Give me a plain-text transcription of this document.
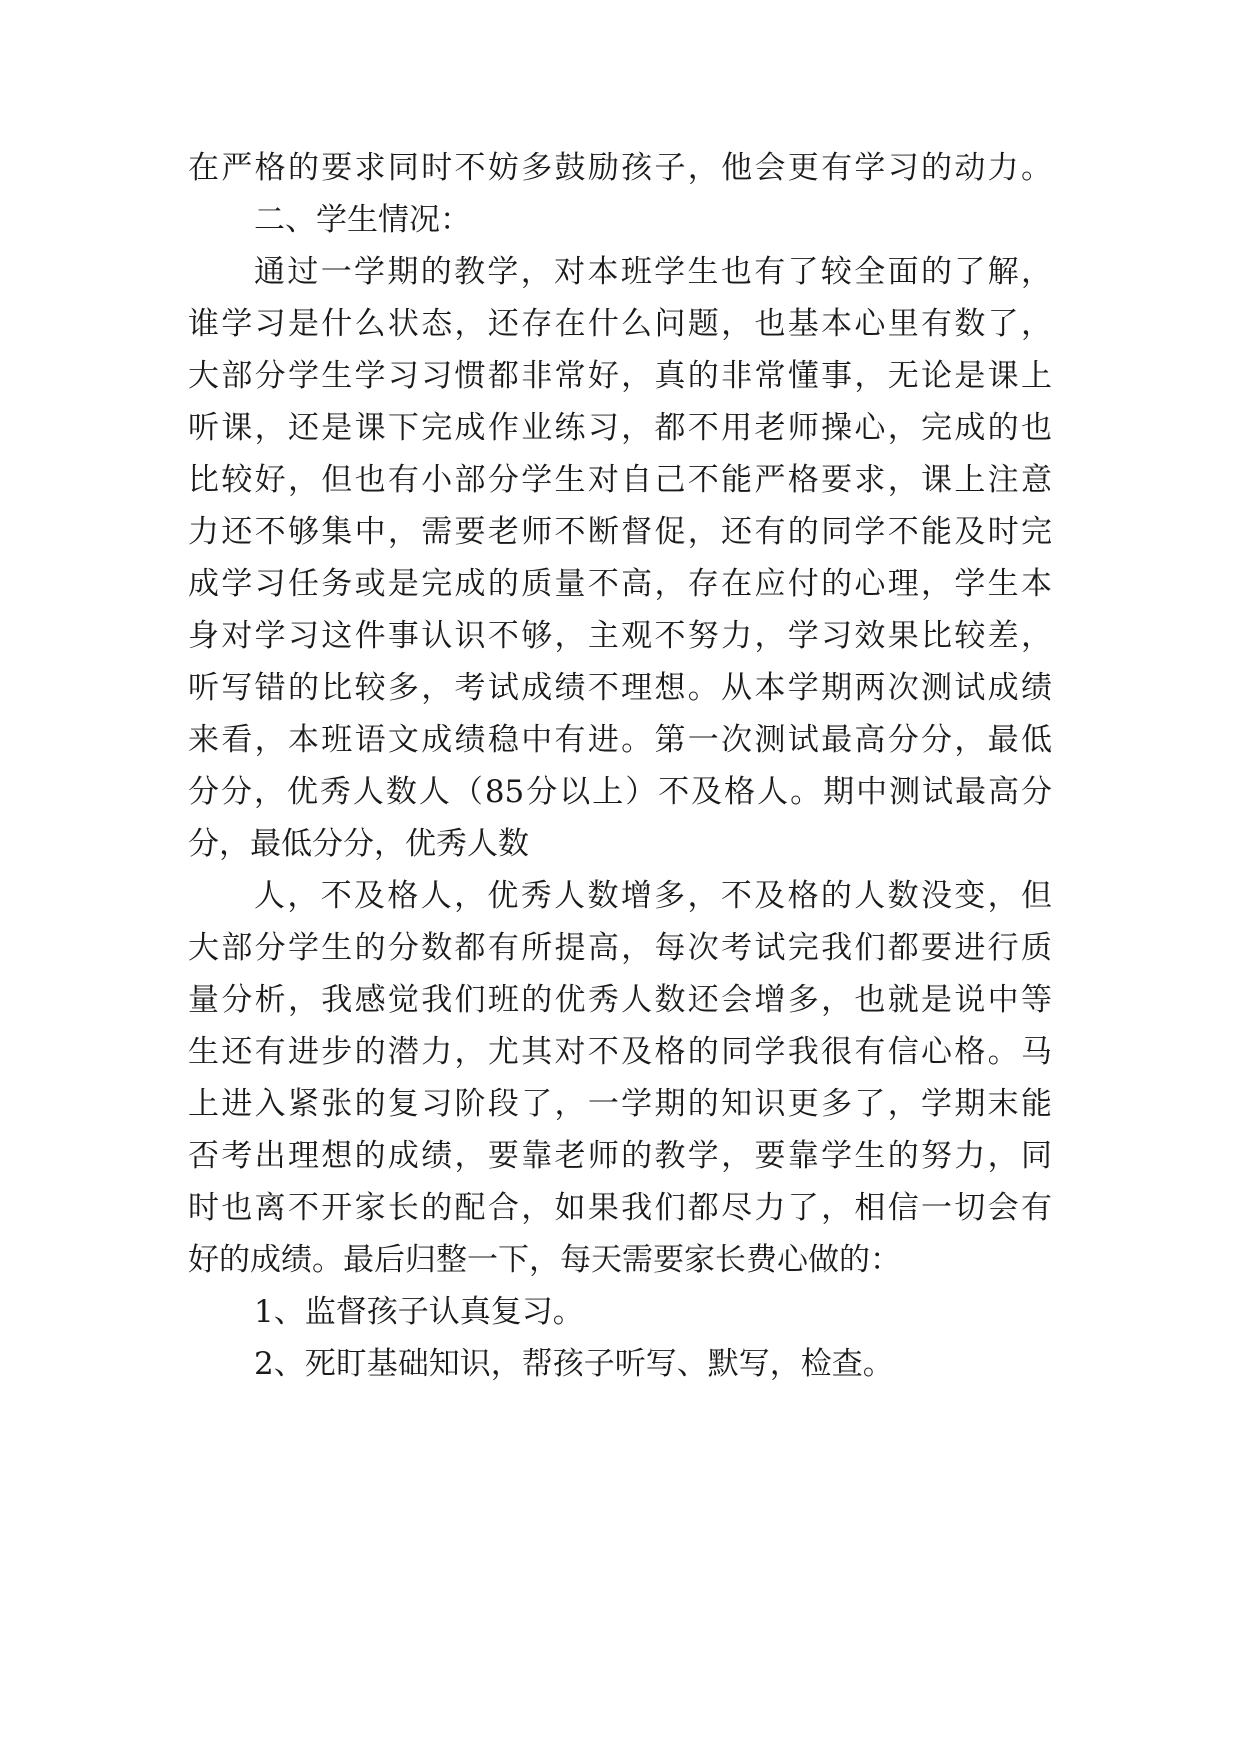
在严格的要求同时不妨多鼓励孩子，他会更有学习的动力。
二、学生情况：
通过一学期的教学，对本班学生也有了较全面的了解，
谁学习是什么状态，还存在什么问题，也基本心里有数了，
大部分学生学习习惯都非常好，真的非常懂事，无论是课上
听课，还是课下完成作业练习，都不用老师操心，完成的也
比较好，但也有小部分学生对自己不能严格要求，课上注意
力还不够集中，需要老师不断督促，还有的同学不能及时完
成学习任务或是完成的质量不高，存在应付的心理，学生本
身对学习这件事认识不够，主观不努力，学习效果比较差，
听写错的比较多，考试成绩不理想。从本学期两次测试成绩
来看，本班语文成绩稳中有进。第一次测试最高分分，最低
分分，优秀人数人（85分以上）不及格人。期中测试最高分
分，最低分分，优秀人数
人，不及格人，优秀人数增多，不及格的人数没变，但
大部分学生的分数都有所提高，每次考试完我们都要进行质
量分析，我感觉我们班的优秀人数还会增多，也就是说中等
生还有进步的潜力，尤其对不及格的同学我很有信心格。马
上进入紧张的复习阶段了，一学期的知识更多了，学期末能
否考出理想的成绩，要靠老师的教学，要靠学生的努力，同
时也离不开家长的配合，如果我们都尽力了，相信一切会有
好的成绩。最后归整一下，每天需要家长费心做的：
1、监督孩子认真复习。
2、死盯基础知识，帮孩子听写、默写，检查。
